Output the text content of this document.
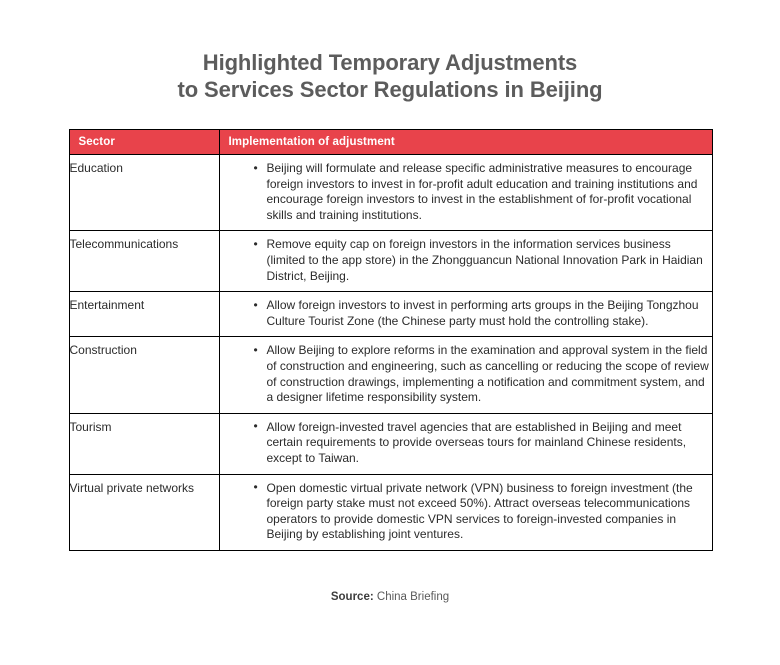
Highlighted Temporary Adjustments
to Services Sector Regulations in Beijing
Sector	Implementation of adjustment
Education	
•Beijing will formulate and release specific administrative measures to encourage foreign investors to invest in for-profit adult education and training institutions and encourage foreign investors to invest in the establishment of for-profit vocational skills and training institutions.

Telecommunications	
•Remove equity cap on foreign investors in the information services business (limited to the app store) in the Zhongguancun National Innovation Park in Haidian District, Beijing.

Entertainment	
•Allow foreign investors to invest in performing arts groups in the Beijing Tongzhou Culture Tourist Zone (the Chinese party must hold the controlling stake).

Construction	
•Allow Beijing to explore reforms in the examination and approval system in the field of construction and engineering, such as cancelling or reducing the scope of review of construction drawings, implementing a notification and commitment system, and a designer lifetime responsibility system.

Tourism	
•Allow foreign-invested travel agencies that are established in Beijing and meet certain requirements to provide overseas tours for mainland Chinese residents, except to Taiwan.

Virtual private networks	
•Open domestic virtual private network (VPN) business to foreign investment (the foreign party stake must not exceed 50%). Attract overseas telecommunications operators to provide domestic VPN services to foreign-invested companies in Beijing by establishing joint ventures.
Source: China Briefing
